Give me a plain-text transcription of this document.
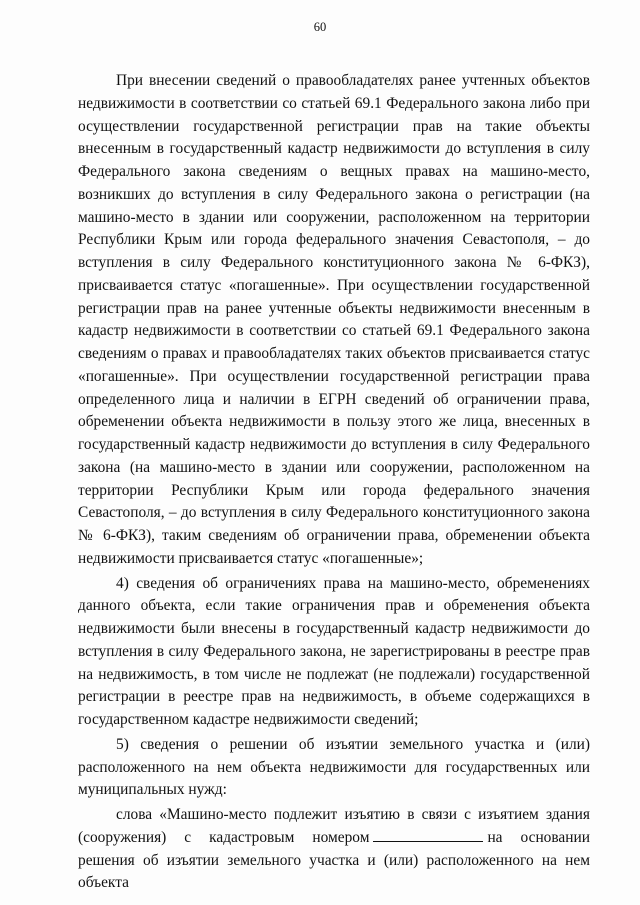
60

При внесении сведений о правообладателях ранее учтенных объектов недвижимости в соответствии со статьей 69.1 Федерального закона либо при осуществлении государственной регистрации прав на такие объекты внесенным в государственный кадастр недвижимости до вступления в силу Федерального закона сведениям о вещных правах на машино-место, возникших до вступления в силу Федерального закона о регистрации (на машино-место в здании или сооружении, расположенном на территории Республики Крым или города федерального значения Севастополя, – до вступления в силу Федерального конституционного закона № 6-ФКЗ), присваивается статус «погашенные». При осуществлении государственной регистрации прав на ранее учтенные объекты недвижимости внесенным в кадастр недвижимости в соответствии со статьей 69.1 Федерального закона сведениям о правах и правообладателях таких объектов присваивается статус «погашенные». При осуществлении государственной регистрации права определенного лица и наличии в ЕГРН сведений об ограничении права, обременении объекта недвижимости в пользу этого же лица, внесенных в государственный кадастр недвижимости до вступления в силу Федерального закона (на машино-место в здании или сооружении, расположенном на территории Республики Крым или города федерального значения Севастополя, – до вступления в силу Федерального конституционного закона № 6-ФКЗ), таким сведениям об ограничении права, обременении объекта недвижимости присваивается статус «погашенные»;

4) сведения об ограничениях права на машино-место, обременениях данного объекта, если такие ограничения прав и обременения объекта недвижимости были внесены в государственный кадастр недвижимости до вступления в силу Федерального закона, не зарегистрированы в реестре прав на недвижимость, в том числе не подлежат (не подлежали) государственной регистрации в реестре прав на недвижимость, в объеме содержащихся в государственном кадастре недвижимости сведений;

5) сведения о решении об изъятии земельного участка и (или) расположенного на нем объекта недвижимости для государственных или муниципальных нужд:

слова «Машино-место подлежит изъятию в связи с изъятием здания (сооружения) с кадастровым номером	на основании решения об изъятии земельного участка и (или) расположенного на нем объекта
